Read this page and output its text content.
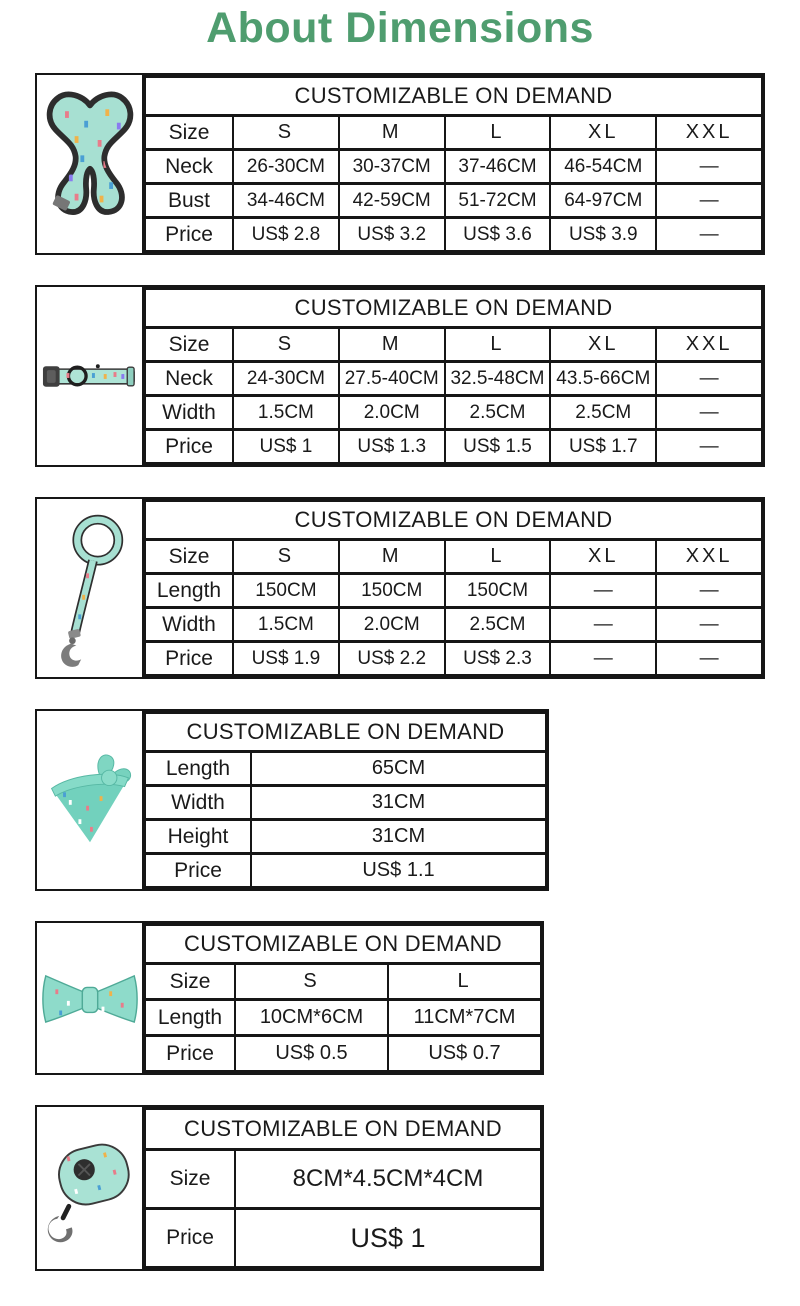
About Dimensions
CUSTOMIZABLE ON DEMAND					
Size	S	M	L	XL	XXL
Neck	26-30CM	30-37CM	37-46CM	46-54CM	—
Bust	34-46CM	42-59CM	51-72CM	64-97CM	—
Price	US$ 2.8	US$ 3.2	US$ 3.6	US$ 3.9	—
CUSTOMIZABLE ON DEMAND					
Size	S	M	L	XL	XXL
Neck	24-30CM	27.5-40CM	32.5-48CM	43.5-66CM	—
Width	1.5CM	2.0CM	2.5CM	2.5CM	—
Price	US$ 1	US$ 1.3	US$ 1.5	US$ 1.7	—
CUSTOMIZABLE ON DEMAND					
Size	S	M	L	XL	XXL
Length	150CM	150CM	150CM	—	—
Width	1.5CM	2.0CM	2.5CM	—	—
Price	US$ 1.9	US$ 2.2	US$ 2.3	—	—
CUSTOMIZABLE ON DEMAND	
Length	65CM
Width	31CM
Height	31CM
Price	US$ 1.1
CUSTOMIZABLE ON DEMAND		
Size	S	L
Length	10CM*6CM	11CM*7CM
Price	US$ 0.5	US$ 0.7
CUSTOMIZABLE ON DEMAND	
Size	8CM*4.5CM*4CM
Price	US$ 1
